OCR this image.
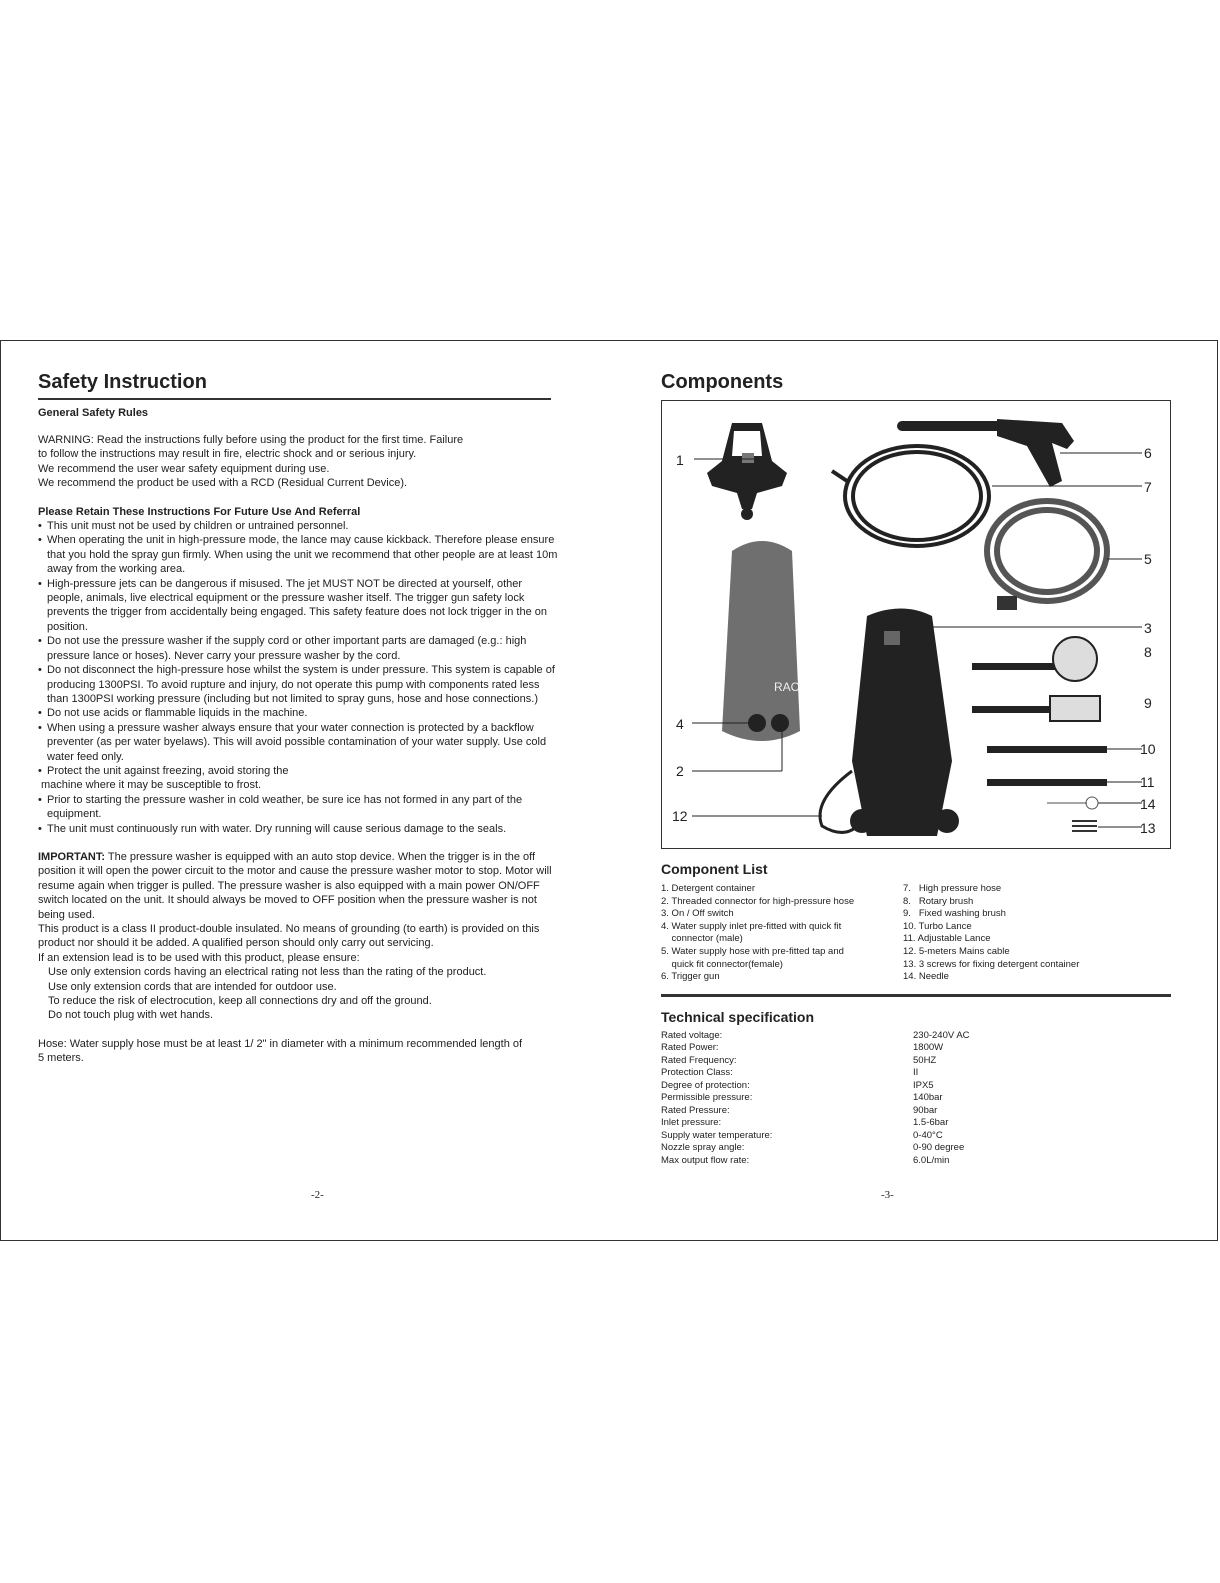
Safety Instruction
General Safety Rules

WARNING: Read the instructions fully before using the product for the first time. Failure

to follow the instructions may result in fire, electric shock and or serious injury.

We recommend the user wear safety equipment during use.

We recommend the product be used with a RCD (Residual Current Device).

Please Retain These Instructions For Future Use And Referral

• This unit must not be used by children or untrained personnel.
• When operating the unit in high-pressure mode, the lance may cause kickback. Therefore please ensure that you hold the spray gun firmly. When using the unit we recommend that other people are at least 10m away from the working area.
• High-pressure jets can be dangerous if misused. The jet MUST NOT be directed at yourself, other people, animals, live electrical equipment or the pressure washer itself. The trigger gun safety lock prevents the trigger from accidentally being engaged. This safety feature does not lock trigger in the on position.
• Do not use the pressure washer if the supply cord or other important parts are damaged (e.g.: high pressure lance or hoses). Never carry your pressure washer by the cord.
• Do not disconnect the high-pressure hose whilst the system is under pressure. This system is capable of producing 1300PSI. To avoid rupture and injury, do not operate this pump with components rated less than 1300PSI working pressure (including but not limited to spray guns, hose and hose connections.)
• Do not use acids or flammable liquids in the machine.
• When using a pressure washer always ensure that your water connection is protected by a backflow preventer (as per water byelaws). This will avoid possible contamination of your water supply. Use cold water feed only.
• Protect the unit against freezing, avoid storing the

machine where it may be susceptible to frost.

• Prior to starting the pressure washer in cold weather, be sure ice has not formed in any part of the equipment.
• The unit must continuously run with water. Dry running will cause serious damage to the seals.

IMPORTANT: The pressure washer is equipped with an auto stop device. When the trigger is in the off position it will open the power circuit to the motor and cause the pressure washer motor to stop. Motor will resume again when trigger is pulled. The pressure washer is also equipped with a main power ON/OFF switch located on the unit. It should always be moved to OFF position when the pressure washer is not being used.

This product is a class II product-double insulated. No means of grounding (to earth) is provided on this product nor should it be added. A qualified person should only carry out servicing.

If an extension lead is to be used with this product, please ensure:

Use only extension cords having an electrical rating not less than the rating of the product.

Use only extension cords that are intended for outdoor use.

To reduce the risk of electrocution, keep all connections dry and off the ground.

Do not touch plug with wet hands.

Hose: Water supply hose must be at least 1/ 2" in diameter with a minimum recommended length of 5 meters.

-2-
Components
RAC
1	6
7
5
3
8
9
4
10
2
11
14
12
13
Component List

1. Detergent container

2. Threaded connector for high-pressure hose

3. On / Off switch

4. Water supply inlet pre-fitted with quick fit

connector (male)

5. Water supply hose with pre-fitted tap and

quick fit connector(female)

6. Trigger gun

7.   High pressure hose

8.   Rotary brush

9.   Fixed washing brush

10. Turbo Lance

11. Adjustable Lance

12. 5-meters Mains cable

13. 3 screws for fixing detergent container

14. Needle

Technical specification

Rated voltage:

Rated Power:

Rated Frequency:

Protection Class:

Degree of protection:

Permissible pressure:

Rated Pressure:

Inlet pressure:

Supply water temperature:

Nozzle spray angle:

Max output flow rate:

230-240V AC

1800W

50HZ

II

IPX5

140bar

90bar

1.5-6bar

0-40°C

0-90 degree

6.0L/min

-3-
